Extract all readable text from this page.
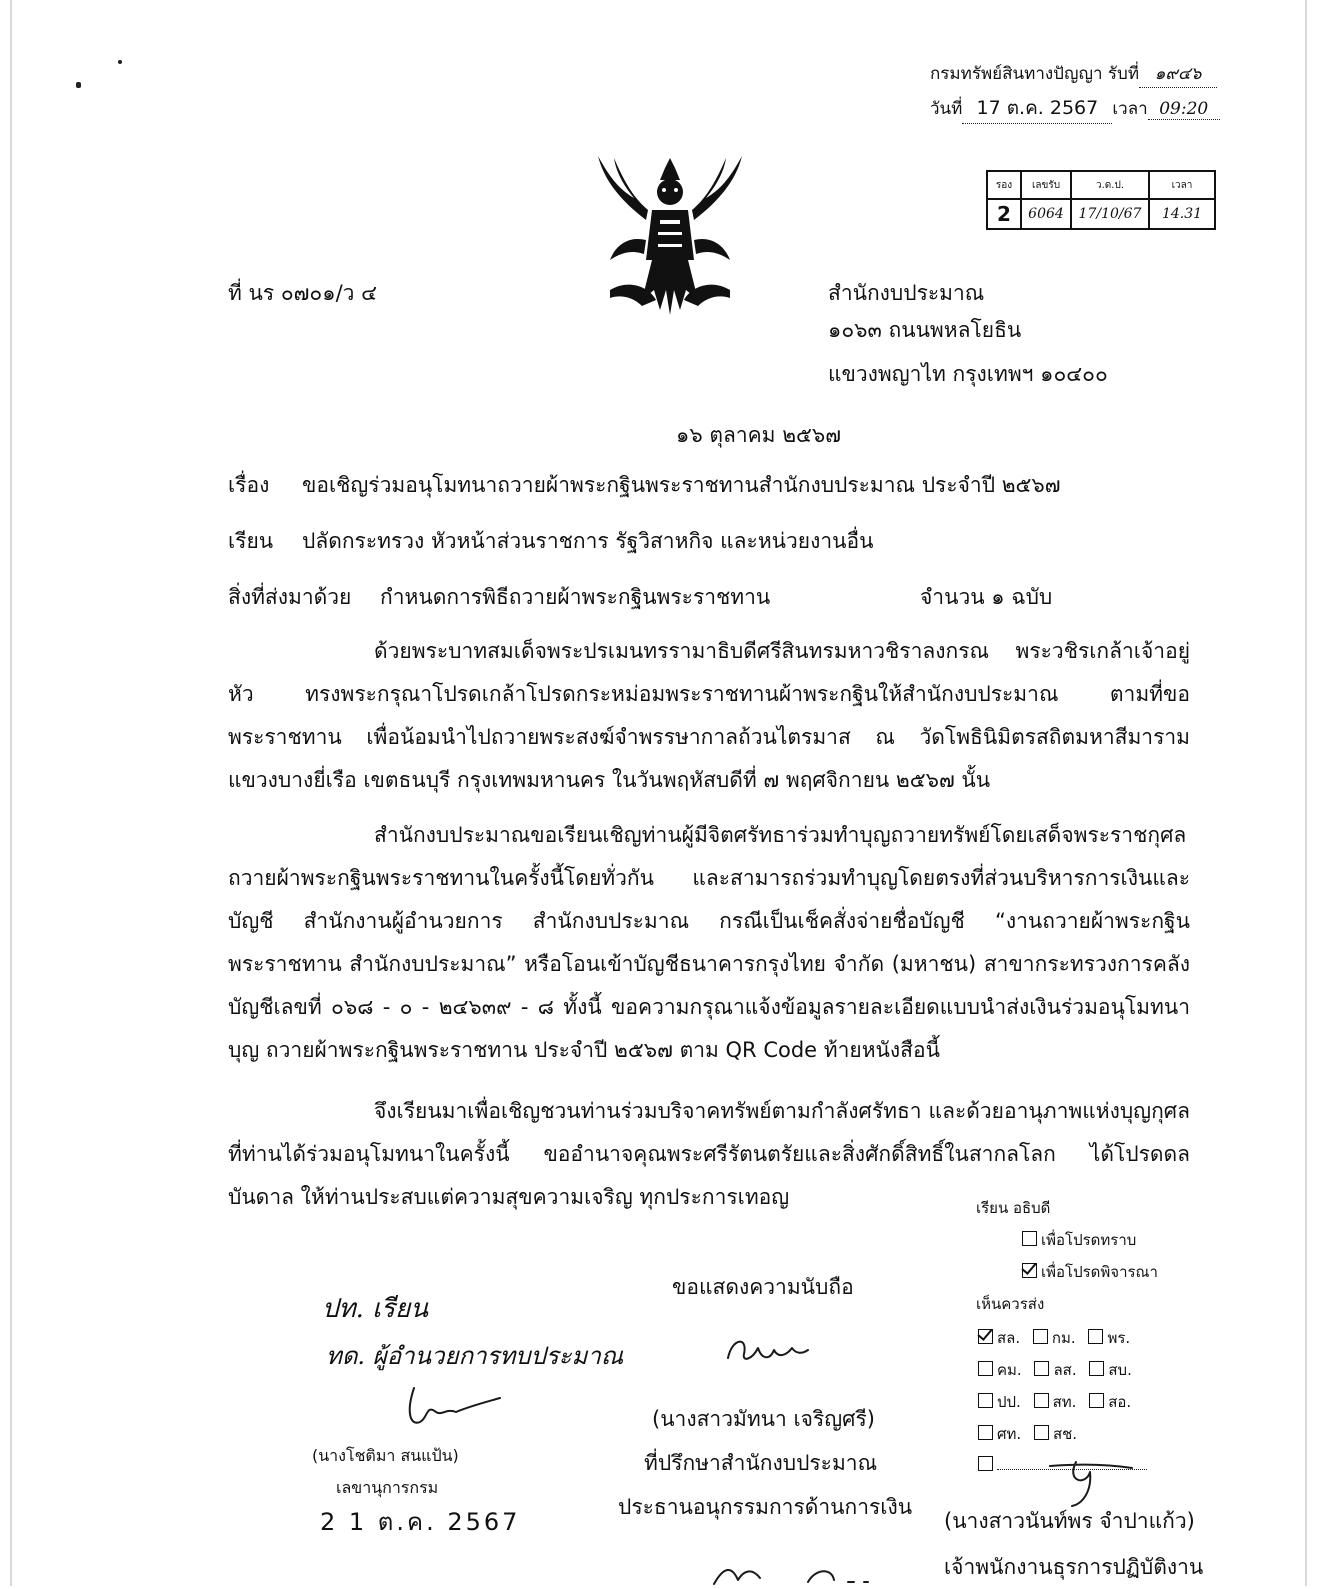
กรมทรัพย์สินทางปัญญา รับที่ ๑๙๔๖
วันที่ 17 ต.ค. 2567 เวลา 09:20
รอง	เลขรับ	ว.ด.ป.	เวลา
2	6064	17/10/67	14.31
ที่ นร ๐๗๐๑/ว ๔	สำนักงบประมาณ
๑๐๖๓ ถนนพหลโยธิน
แขวงพญาไท กรุงเทพฯ ๑๐๔๐๐
๑๖ ตุลาคม ๒๕๖๗
เรื่อง ขอเชิญร่วมอนุโมทนาถวายผ้าพระกฐินพระราชทานสำนักงบประมาณ ประจำปี ๒๕๖๗
เรียน ปลัดกระทรวง หัวหน้าส่วนราชการ รัฐวิสาหกิจ และหน่วยงานอื่น
สิ่งที่ส่งมาด้วย กำหนดการพิธีถวายผ้าพระกฐินพระราชทาน	จำนวน ๑ ฉบับ
ด้วยพระบาทสมเด็จพระปรเมนทรรามาธิบดีศรีสินทรมหาวชิราลงกรณ พระวชิรเกล้าเจ้าอยู่หัว ทรงพระกรุณาโปรดเกล้าโปรดกระหม่อมพระราชทานผ้าพระกฐินให้สำนักงบประมาณ ตามที่ขอพระราชทาน เพื่อน้อมนำไปถวายพระสงฆ์จำพรรษากาลถ้วนไตรมาส ณ วัดโพธินิมิตรสถิตมหาสีมาราม แขวงบางยี่เรือ เขตธนบุรี กรุงเทพมหานคร ในวันพฤหัสบดีที่ ๗ พฤศจิกายน ๒๕๖๗ นั้น
สำนักงบประมาณขอเรียนเชิญท่านผู้มีจิตศรัทธาร่วมทำบุญถวายทรัพย์โดยเสด็จพระราชกุศล ถวายผ้าพระกฐินพระราชทานในครั้งนี้โดยทั่วกัน และสามารถร่วมทำบุญโดยตรงที่ส่วนบริหารการเงินและบัญชี สำนักงานผู้อำนวยการ สำนักงบประมาณ กรณีเป็นเช็คสั่งจ่ายชื่อบัญชี “งานถวายผ้าพระกฐินพระราชทาน สำนักงบประมาณ” หรือโอนเข้าบัญชีธนาคารกรุงไทย จำกัด (มหาชน) สาขากระทรวงการคลัง บัญชีเลขที่ ๐๖๘ - ๐ - ๒๔๖๓๙ - ๘ ทั้งนี้ ขอความกรุณาแจ้งข้อมูลรายละเอียดแบบนำส่งเงินร่วมอนุโมทนาบุญ ถวายผ้าพระกฐินพระราชทาน ประจำปี ๒๕๖๗ ตาม QR Code ท้ายหนังสือนี้
จึงเรียนมาเพื่อเชิญชวนท่านร่วมบริจาคทรัพย์ตามกำลังศรัทธา และด้วยอานุภาพแห่งบุญกุศล ที่ท่านได้ร่วมอนุโมทนาในครั้งนี้ ขออำนาจคุณพระศรีรัตนตรัยและสิ่งศักดิ์สิทธิ์ในสากลโลก ได้โปรดดลบันดาล ให้ท่านประสบแต่ความสุขความเจริญ ทุกประการเทอญ
ขอแสดงความนับถือ
(นางสาวมัทนา เจริญศรี)
ที่ปรึกษาสำนักงบประมาณ
ประธานอนุกรรมการด้านการเงิน
ปท. เรียน
ทด. ผู้อำนวยการทบประมาณ
(นางโชติมา สนแป้น)
เลขานุการกรม
2 1 ต.ค. 2567
เรียน อธิบดี
เพื่อโปรดทราบ
เพื่อโปรดพิจารณา
เห็นควรส่ง
สล. กม. พร.
คม. ลส. สบ.
ปป. สท. สอ.
ศท. สช.
(นางสาวนันท์พร จำปาแก้ว)
เจ้าพนักงานธุรการปฏิบัติงาน
